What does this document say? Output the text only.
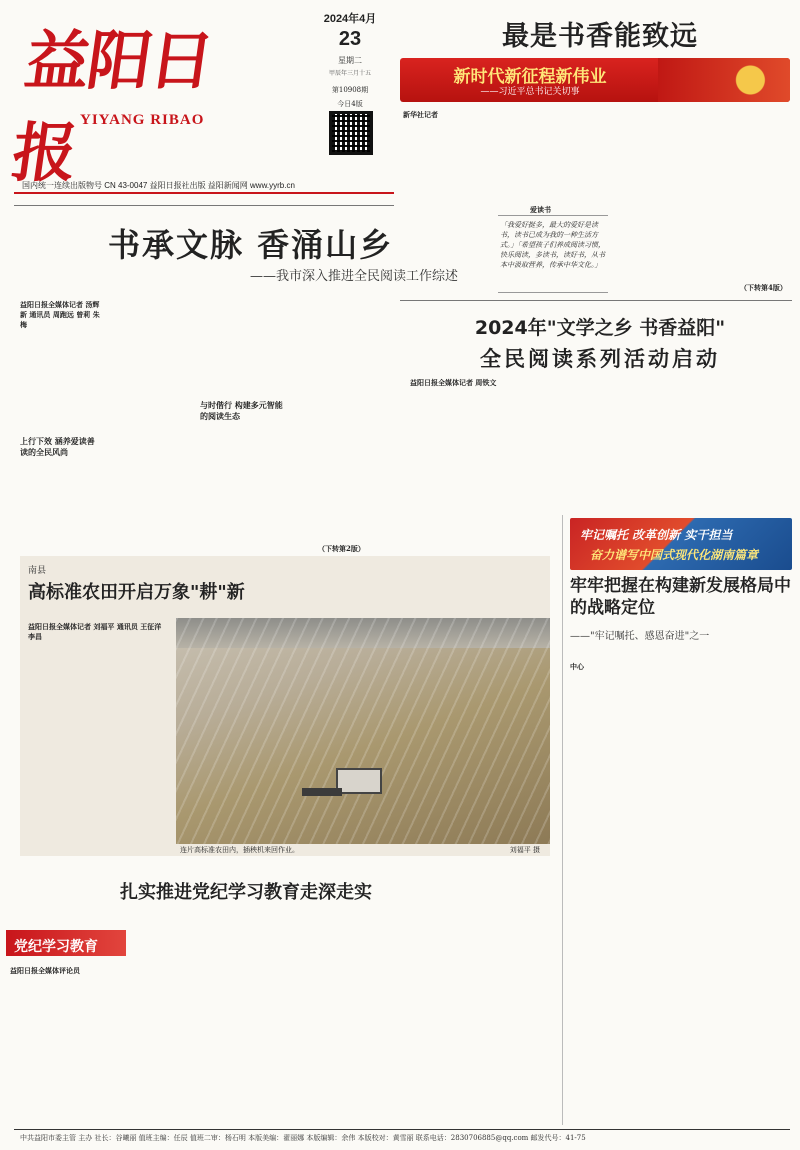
益阳日报 YIYANG RIBAO
2024年4月
23
星期二
甲辰年三月十五
第10908期
今日4版
国内统一连续出版物号 CN 43-0047 益阳日报社出版 益阳新闻网 www.yyrb.cn
最是书香能致远
新时代新征程新伟业
——习近平总书记关切事
新华社记者
爱读书
「我爱好挺多，最大的爱好是读书，读书已成为我的一种生活方式。」「希望孩子们养成阅读习惯，快乐阅读，多读书，读好书，从书本中汲取营养，传承中华文化。」
（下转第4版）
书承文脉 香涌山乡
——我市深入推进全民阅读工作综述
益阳日报全媒体记者 汤辉新 通讯员 周跑远 曾莉 朱梅
上行下效 涵养爱读善读的全民风尚
与时偕行 构建多元智能的阅读生态
（下转第2版）
2024年"文学之乡 书香益阳"
全民阅读系列活动启动
益阳日报全媒体记者 周铁文
牢记嘱托 改革创新 实干担当
奋力谱写中国式现代化湖南篇章
南县
高标准农田开启万象"耕"新
益阳日报全媒体记者 刘福平 通讯员 王征洋 李昌
连片高标准农田内，插秧机来回作业。	刘福平 摄
牢牢把握在构建新发展格局中的战略定位
——"牢记嘱托、感恩奋进"之一
中心
扎实推进党纪学习教育走深走实
党纪学习教育
益阳日报全媒体评论员
中共益阳市委主管 主办 社长：谷曦丽 值班主编：任辰 值班二审：杨石明 本版美编：翟丽娜 本版编辑：余伟 本版校对：黄雪丽 联系电话：2830706885@qq.com 邮发代号：41-75
